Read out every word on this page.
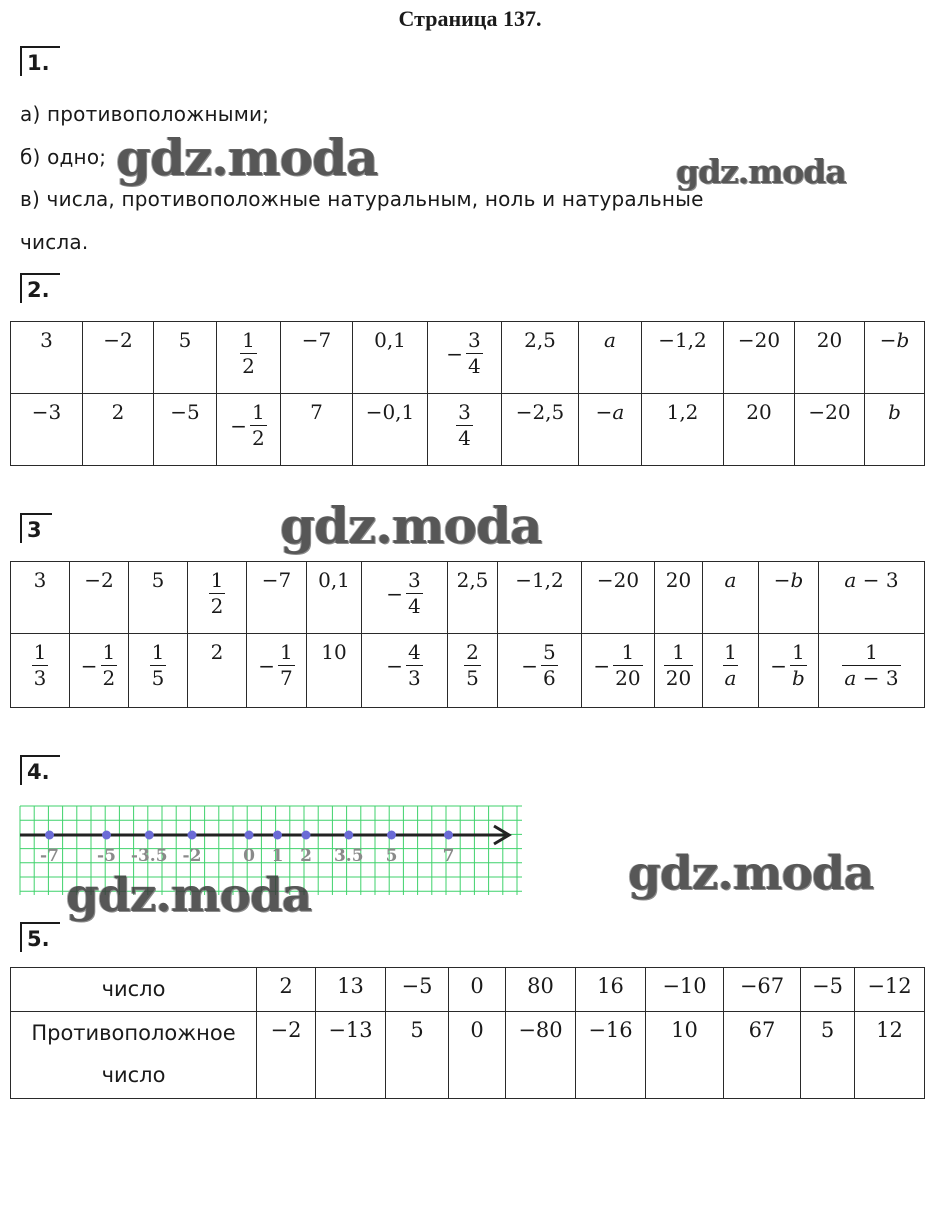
Страница 137.
1.
а) противоположными;
б) одно;
в) числа, противоположные натуральным, ноль и натуральные
числа.
2.
3	−2	5	$\frac{1}{2}$	−7	0,1	− $\frac{3}{4}$	2,5	a	−1,2	−20	20	−b
−3	2	−5	− $\frac{1}{2}$	7	−0,1	$\frac{3}{4}$	−2,5	−a	1,2	20	−20	b
3
3	−2	5	$\frac{1}{2}$	−7	0,1	− $\frac{3}{4}$	2,5	−1,2	−20	20	a	−b	a − 3

$\frac{1}{3}$	− $\frac{1}{2}$	$\frac{1}{5}$	2	− $\frac{1}{7}$	10	− $\frac{4}{3}$	$\frac{2}{5}$	− $\frac{5}{6}$	− $\frac{1}{20}$	$\frac{1}{20}$	$\frac{1}{a}$	− $\frac{1}{b}$	$\frac{1}{a - 3}$
4.
-7 -5 -3.5 -2 0 1 2 3.5 5	7
5.
число	2	13	−5	0	80	16	−10	−67	−5	−12
Противоположное число	−2	−13	5	0	−80	−16	10	67	5	12
gdz.moda	gdz.moda
gdz.moda
gdz.moda
gdz.moda
